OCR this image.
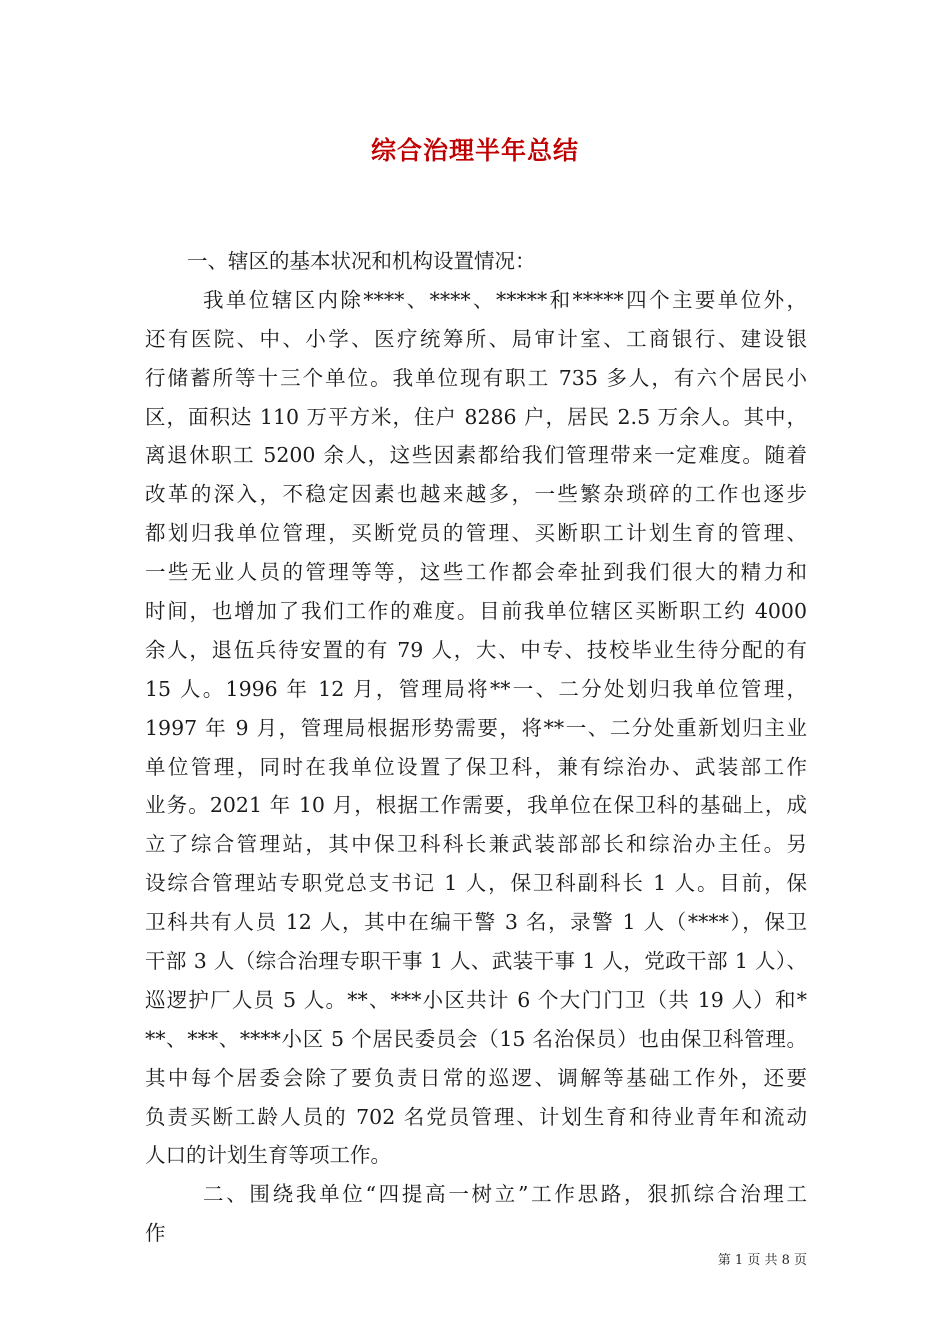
综合治理半年总结
一、辖区的基本状况和机构设置情况：
我单位辖区内除****、****、*****和*****四个主要单位外，
还有医院、中、小学、医疗统筹所、局审计室、工商银行、建设银
行储蓄所等十三个单位。我单位现有职工 735 多人，有六个居民小
区，面积达 110 万平方米，住户 8286 户，居民 2.5 万余人。其中，
离退休职工 5200 余人，这些因素都给我们管理带来一定难度。随着
改革的深入，不稳定因素也越来越多，一些繁杂琐碎的工作也逐步
都划归我单位管理，买断党员的管理、买断职工计划生育的管理、
一些无业人员的管理等等，这些工作都会牵扯到我们很大的精力和
时间，也增加了我们工作的难度。目前我单位辖区买断职工约 4000
余人，退伍兵待安置的有 79 人，大、中专、技校毕业生待分配的有
15 人。1996 年 12 月，管理局将**一、二分处划归我单位管理，
1997 年 9 月，管理局根据形势需要，将**一、二分处重新划归主业
单位管理，同时在我单位设置了保卫科，兼有综治办、武装部工作
业务。2021 年 10 月，根据工作需要，我单位在保卫科的基础上，成
立了综合管理站，其中保卫科科长兼武装部部长和综治办主任。另
设综合管理站专职党总支书记 1 人，保卫科副科长 1 人。目前，保
卫科共有人员 12 人，其中在编干警 3 名，录警 1 人（****），保卫
干部 3 人（综合治理专职干事 1 人、武装干事 1 人，党政干部 1 人）、
巡逻护厂人员 5 人。**、***小区共计 6 个大门门卫（共 19 人）和*
**、***、****小区 5 个居民委员会（15 名治保员）也由保卫科管理。
其中每个居委会除了要负责日常的巡逻、调解等基础工作外，还要
负责买断工龄人员的 702 名党员管理、计划生育和待业青年和流动
人口的计划生育等项工作。
二、围绕我单位“四提高一树立”工作思路，狠抓综合治理工
作
第 1 页 共 8 页
